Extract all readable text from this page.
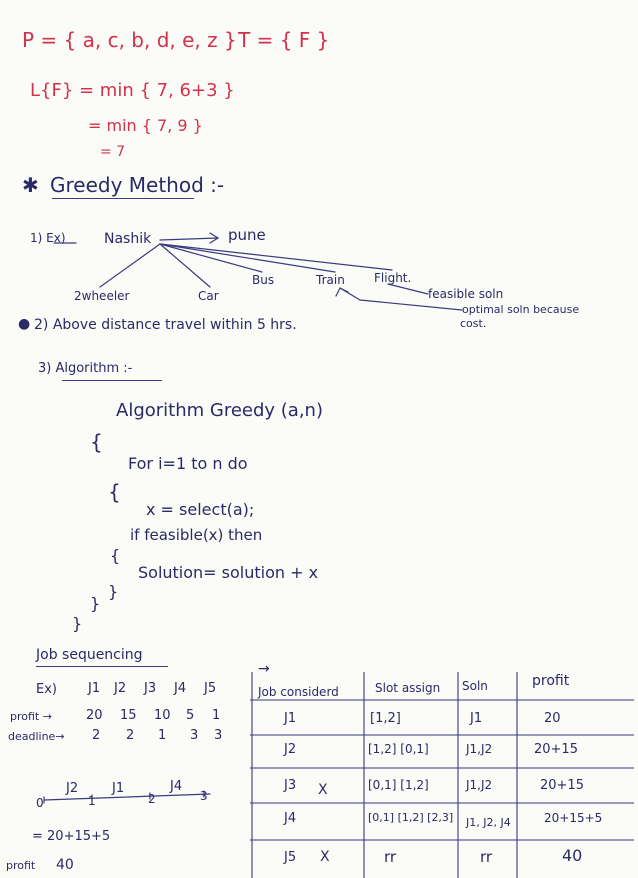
P = { a, c, b, d, e, z } T = { F }
L{F} = min { 7, 6+3 }
= min { 7, 9 }
= 7
✱ Greedy Method :-
1) Ex)	Nashik	pune
2wheeler	Car
Bus	Train Flight.
feasible soln
optimal soln because
cost.
● 2) Above distance travel within 5 hrs.
3) Algorithm :-
Algorithm Greedy (a,n)
{
For i=1 to n do
{
x = select(a);
if feasible(x) then
{
Solution= solution + x
}
}
}
Job sequencing
Ex) J1 J2 J3 J4 J5
profit →	20 15 10 5 1
deadline→ 2 2 1 3 3
J2	J1	J4
0	1	2	3
= 20+15+5
profit 40
→
Job considerd	Slot assign Soln	profit
J1	[1,2]	J1	20
J2	[1,2] [0,1]	J1,J2	20+15
J3 X	[0,1] [1,2]	J1,J2	20+15
J4	[0,1] [1,2] [2,3]	J1, J2, J4	20+15+5
J5 X	rr	rr	40
